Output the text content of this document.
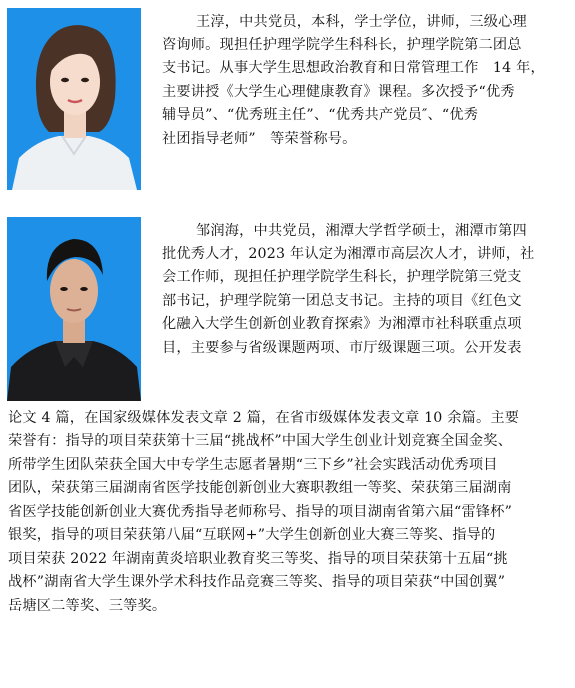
王淳，中共党员，本科，学士学位，讲师，三级心理
咨询师。现担任护理学院学生科科长，护理学院第二团总
支书记。从事大学生思想政治教育和日常管理工作　14 年，
主要讲授《大学生心理健康教育》课程。多次授予“优秀
辅导员”、“优秀班主任”、“优秀共产党员″、“优秀
社团指导老师”　等荣誉称号。
邹润海，中共党员，湘潭大学哲学硕士，湘潭市第四
批优秀人才，2023 年认定为湘潭市高层次人才，讲师，社
会工作师，现担任护理学院学生科长，护理学院第三党支
部书记，护理学院第一团总支书记。主持的项目《红色文
化融入大学生创新创业教育探索》为湘潭市社科联重点项
目，主要参与省级课题两项、市厅级课题三项。公开发表
论文 4 篇，在国家级媒体发表文章 2 篇，在省市级媒体发表文章 10 余篇。主要
荣誉有：指导的项目荣获第十三届“挑战杯”中国大学生创业计划竞赛全国金奖、
所带学生团队荣获全国大中专学生志愿者暑期“三下乡”社会实践活动优秀项目
团队，荣获第三届湖南省医学技能创新创业大赛职教组一等奖、荣获第三届湖南
省医学技能创新创业大赛优秀指导老师称号、指导的项目湖南省第六届“雷锋杯”
银奖，指导的项目荣获第八届“互联网+”大学生创新创业大赛三等奖、指导的
项目荣获 2022 年湖南黄炎培职业教育奖三等奖、指导的项目荣获第十五届“挑
战杯”湖南省大学生课外学术科技作品竞赛三等奖、指导的项目荣获“中国创翼”
岳塘区二等奖、三等奖。
